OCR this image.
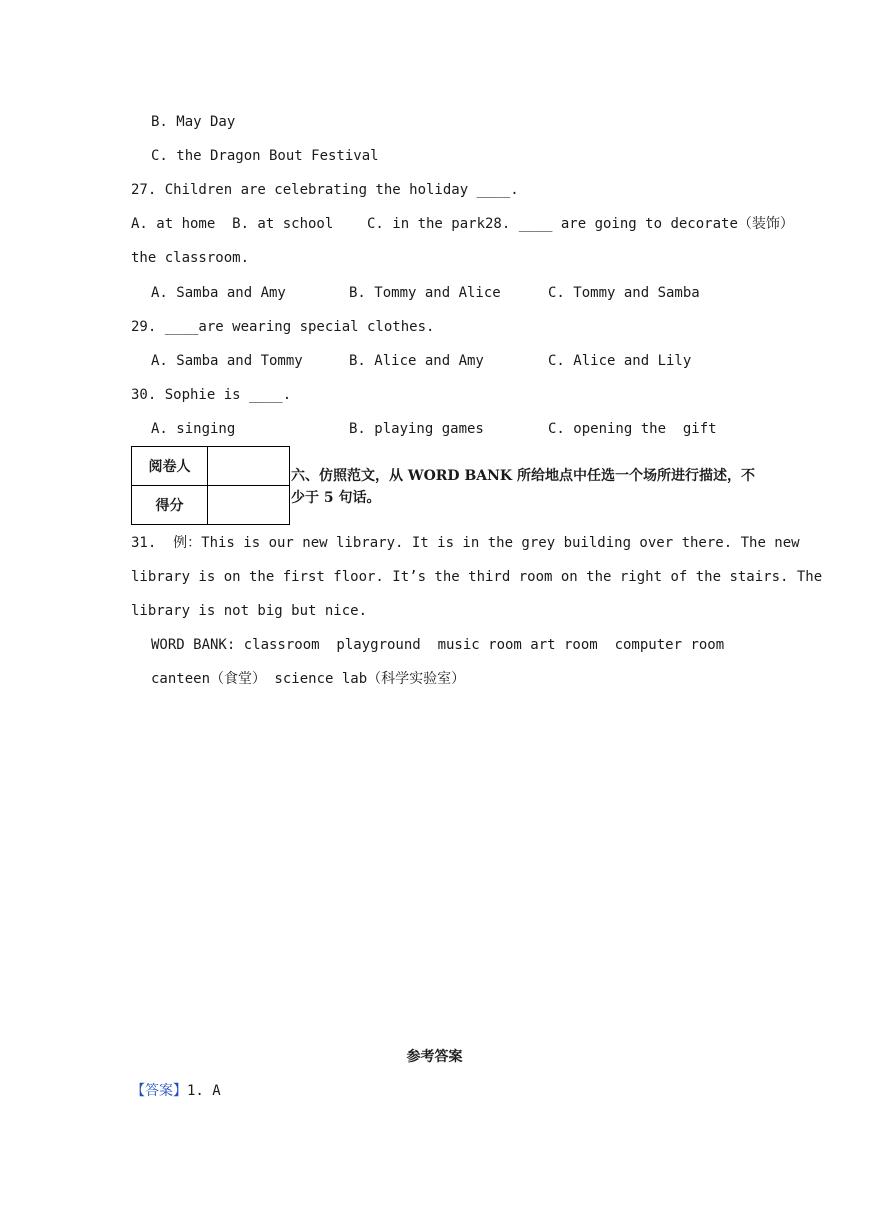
B. May Day
C. the Dragon Bout Festival
27. Children are celebrating the holiday ____.
A. at home  B. at school    C. in the park28. ____ are going to decorate（装饰）
the classroom.
A. Samba and Amy	B. Tommy and Alice	C. Tommy and Samba
29. ____are wearing special clothes.
A. Samba and Tommy	B. Alice and Amy	C. Alice and Lily
30. Sophie is ____.
A. singing	B. playing games	C. opening the  gift
阅卷人	
得分	
六、仿照范文，从 WORD BANK 所给地点中任选一个场所进行描述，不少于 5 句话。
31.  例：This is our new library. It is in the grey building over there. The new
library is on the first floor. It’s the third room on the right of the stairs. The
library is not big but nice.
WORD BANK: classroom  playground  music room art room  computer room
canteen（食堂） science lab（科学实验室）
参考答案
【答案】1. A
